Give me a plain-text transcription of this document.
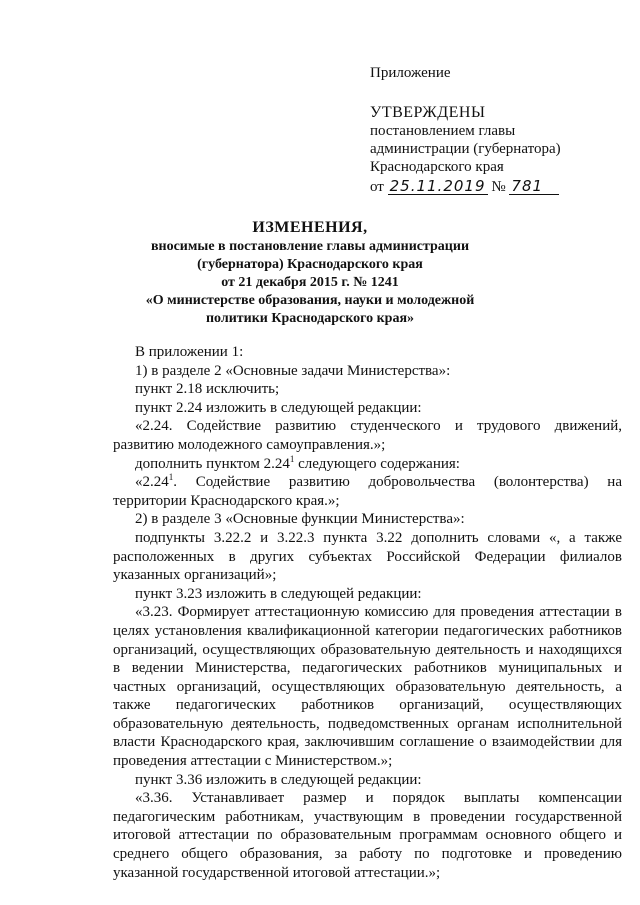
Приложение
УТВЕРЖДЕНЫ
постановлением главы
администрации (губернатора)
Краснодарского края
от 25.11.2019 № 781
ИЗМЕНЕНИЯ,
вносимые в постановление главы администрации
(губернатора) Краснодарского края
от 21 декабря 2015 г. № 1241
«О министерстве образования, науки и молодежной
политики Краснодарского края»

В приложении 1:

1) в разделе 2 «Основные задачи Министерства»:

пункт 2.18 исключить;

пункт 2.24 изложить в следующей редакции:

«2.24. Содействие развитию студенческого и трудового движений, развитию молодежного самоуправления.»;

дополнить пунктом 2.24$^1$ следующего содержания:

«2.24$^1$. Содействие развитию добровольчества (волонтерства) на территории Краснодарского края.»;

2) в разделе 3 «Основные функции Министерства»:

подпункты 3.22.2 и 3.22.3 пункта 3.22 дополнить словами «, а также расположенных в других субъектах Российской Федерации филиалов указанных организаций»;

пункт 3.23 изложить в следующей редакции:

«3.23. Формирует аттестационную комиссию для проведения аттестации в целях установления квалификационной категории педагогических работников организаций, осуществляющих образовательную деятельность и находящихся в ведении Министерства, педагогических работников муниципальных и частных организаций, осуществляющих образовательную деятельность, а также педагогических работников организаций, осуществляющих образовательную деятельность, подведомственных органам исполнительной власти Краснодарского края, заключившим соглашение о взаимодействии для проведения аттестации с Министерством.»;

пункт 3.36 изложить в следующей редакции:

«3.36. Устанавливает размер и порядок выплаты компенсации педагогическим работникам, участвующим в проведении государственной итоговой аттестации по образовательным программам основного общего и среднего общего образования, за работу по подготовке и проведению указанной государственной итоговой аттестации.»;
